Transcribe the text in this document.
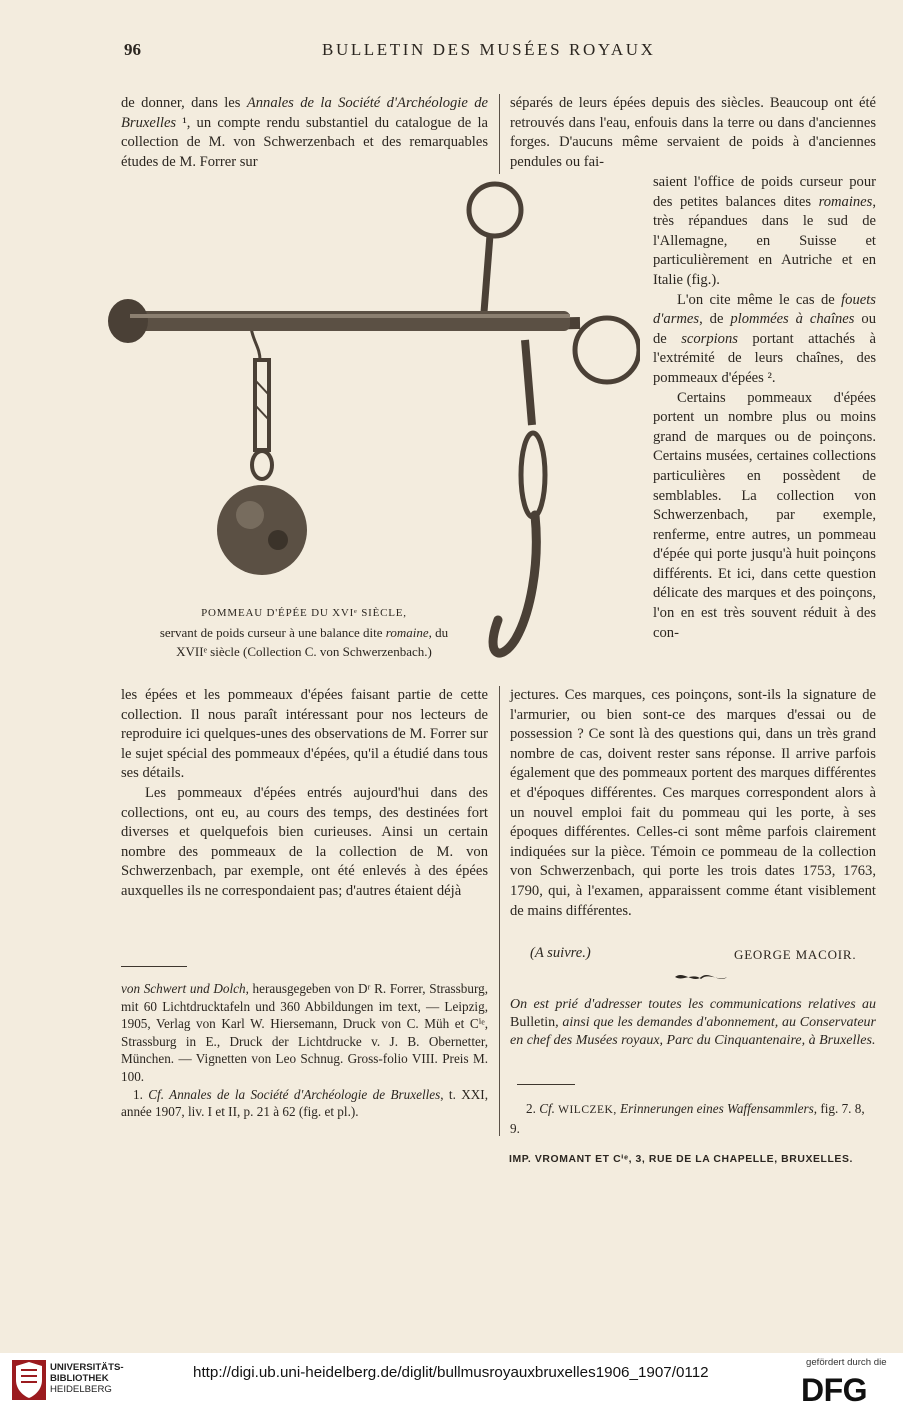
96	BULLETIN DES MUSÉES ROYAUX

de donner, dans les Annales de la Société d'Archéologie de Bruxelles ¹, un compte rendu substantiel du catalogue de la collection de M. von Schwerzenbach et des remarquables études de M. Forrer sur

séparés de leurs épées depuis des siècles. Beaucoup ont été retrouvés dans l'eau, enfouis dans la terre ou dans d'anciennes forges. D'aucuns même servaient de poids à d'anciennes pendules ou fai-

saient l'office de poids curseur pour des petites balances dites romaines, très répandues dans le sud de l'Allemagne, en Suisse et particulièrement en Autriche et en Italie (fig.).

L'on cite même le cas de fouets d'armes, de plommées à chaînes ou de scorpions portant attachés à l'extrémité de leurs chaînes, des pommeaux d'épées ².

Certains pommeaux d'épées portent un nombre plus ou moins grand de marques ou de poinçons. Certains musées, certaines collections particulières en possèdent de semblables. La collection von Schwerzenbach, par exemple, renferme, entre autres, un pommeau d'épée qui porte jusqu'à huit poinçons différents. Et ici, dans cette question délicate des marques et des poinçons, l'on en est très souvent réduit à des con-

POMMEAU D'ÉPÉE DU XVIᵉ SIÈCLE,
servant de poids curseur à une balance dite romaine, du
XVIIᵉ siècle (Collection C. von Schwerzenbach.)

les épées et les pommeaux d'épées faisant partie de cette collection. Il nous paraît intéressant pour nos lecteurs de reproduire ici quelques-unes des observations de M. Forrer sur le sujet spécial des pommeaux d'épées, qu'il a étudié dans tous ses détails.

Les pommeaux d'épées entrés aujourd'hui dans des collections, ont eu, au cours des temps, des destinées fort diverses et quelquefois bien curieuses. Ainsi un certain nombre des pommeaux de la collection de M. von Schwerzenbach, par exemple, ont été enlevés à des épées auxquelles ils ne correspondaient pas; d'autres étaient déjà

jectures. Ces marques, ces poinçons, sont-ils la signature de l'armurier, ou bien sont-ce des marques d'essai ou de possession ? Ce sont là des questions qui, dans un très grand nombre de cas, doivent rester sans réponse. Il arrive parfois également que des pommeaux portent des marques différentes et d'époques différentes. Ces marques correspondent alors à un nouvel emploi fait du pommeau qui les porte, à ses époques différentes. Celles-ci sont même parfois clairement indiquées sur la pièce. Témoin ce pommeau de la collection von Schwerzenbach, qui porte les trois dates 1753, 1763, 1790, qui, à l'examen, apparaissent comme étant visiblement de mains différentes.

(A suivre.)	GEORGE MACOIR.
On est prié d'adresser toutes les communications relatives au Bulletin, ainsi que les demandes d'abonnement, au Conservateur en chef des Musées royaux, Parc du Cinquantenaire, à Bruxelles.

von Schwert und Dolch, herausgegeben von Dʳ R. Forrer, Strassburg, mit 60 Lichtdrucktafeln und 360 Abbildungen im text, — Leipzig, 1905, Verlag von Karl W. Hiersemann, Druck von C. Müh et Cⁱᵉ, Strassburg in E., Druck der Lichtdrucke v. J. B. Obernetter, München. — Vignetten von Leo Schnug. Gross-folio VIII. Preis M. 100.

1. Cf. Annales de la Société d'Archéologie de Bruxelles, t. XXI, année 1907, liv. I et II, p. 21 à 62 (fig. et pl.).	2. Cf. WILCZEK, Erinnerungen eines Waffensammlers, fig. 7. 8, 9.
IMP. VROMANT ET Cⁱᵉ, 3, RUE DE LA CHAPELLE, BRUXELLES.
UNIVERSITÄTS-
BIBLIOTHEK
HEIDELBERG
http://digi.ub.uni-heidelberg.de/diglit/bullmusroyauxbruxelles1906_1907/0112
gefördert durch die
DFG
